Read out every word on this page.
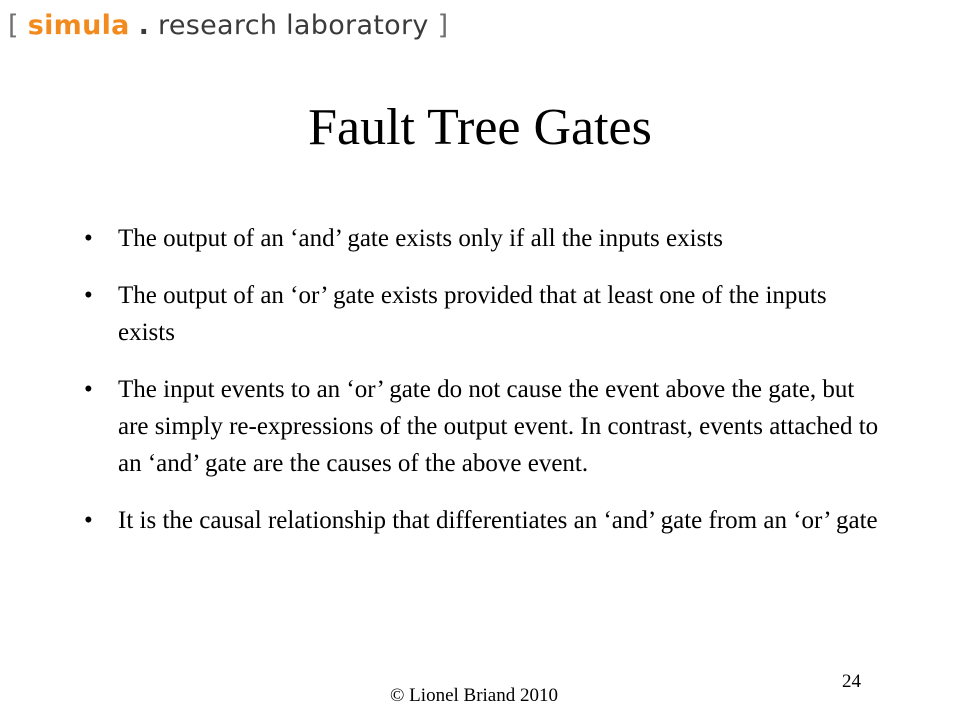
[ simula . research laboratory ]
Fault Tree Gates
• The output of an ‘and’ gate exists only if all the inputs exists
• The output of an ‘or’ gate exists provided that at least one of the inputs exists
• The input events to an ‘or’ gate do not cause the event above the gate, but are simply re-expressions of the output event. In contrast, events attached to an ‘and’ gate are the causes of the above event.
• It is the causal relationship that differentiates an ‘and’ gate from an ‘or’ gate
© Lionel Briand 2010
24
